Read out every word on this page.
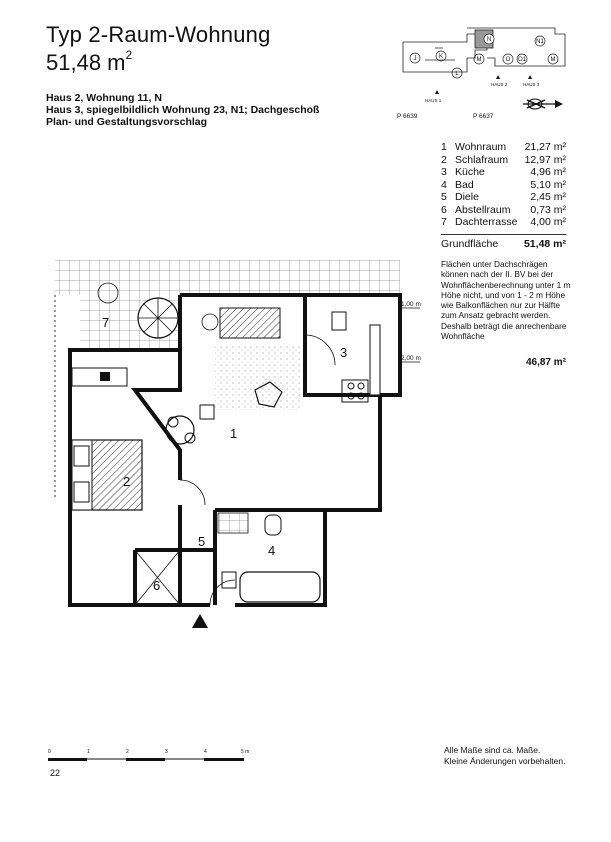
Typ 2-Raum-Wohnung
51,48 $m^2$
Haus 2, Wohnung 11, N
Haus 3, spiegelbildlich Wohnung 23, N1; Dachgeschoß
Plan- und Gestaltungsvorschlag
J	K
L
M
N
O O1
N1
M
HAUS 2	HAUS 3
HAUS 1
P 6639	P 6637
1 Wohnraum	21,27 m²
2 Schlafraum	12,97 m²
3 Küche	4,96 m²
4 Bad	5,10 m²
5 Diele	2,45 m²
6 Abstellraum	0,73 m²
7 Dachterrasse	4,00 m²
Grundfläche	51,48 m²
Flächen unter Dachschrägen können nach der II. BV bei der Wohnflächenberechnung unter 1 m Höhe nicht, und von 1 - 2 m Höhe wie Balkonflächen nur zur Hälfte zum Ansatz gebracht werden. Deshalb beträgt die anrechenbare Wohnfläche
46,87 m²
1
2
3
4
5
6
7
1,00 m
2,00 m
0	1	2	3	4	5 m
22
Alle Maße sind ca. Maße.
Kleine Änderungen vorbehalten.
